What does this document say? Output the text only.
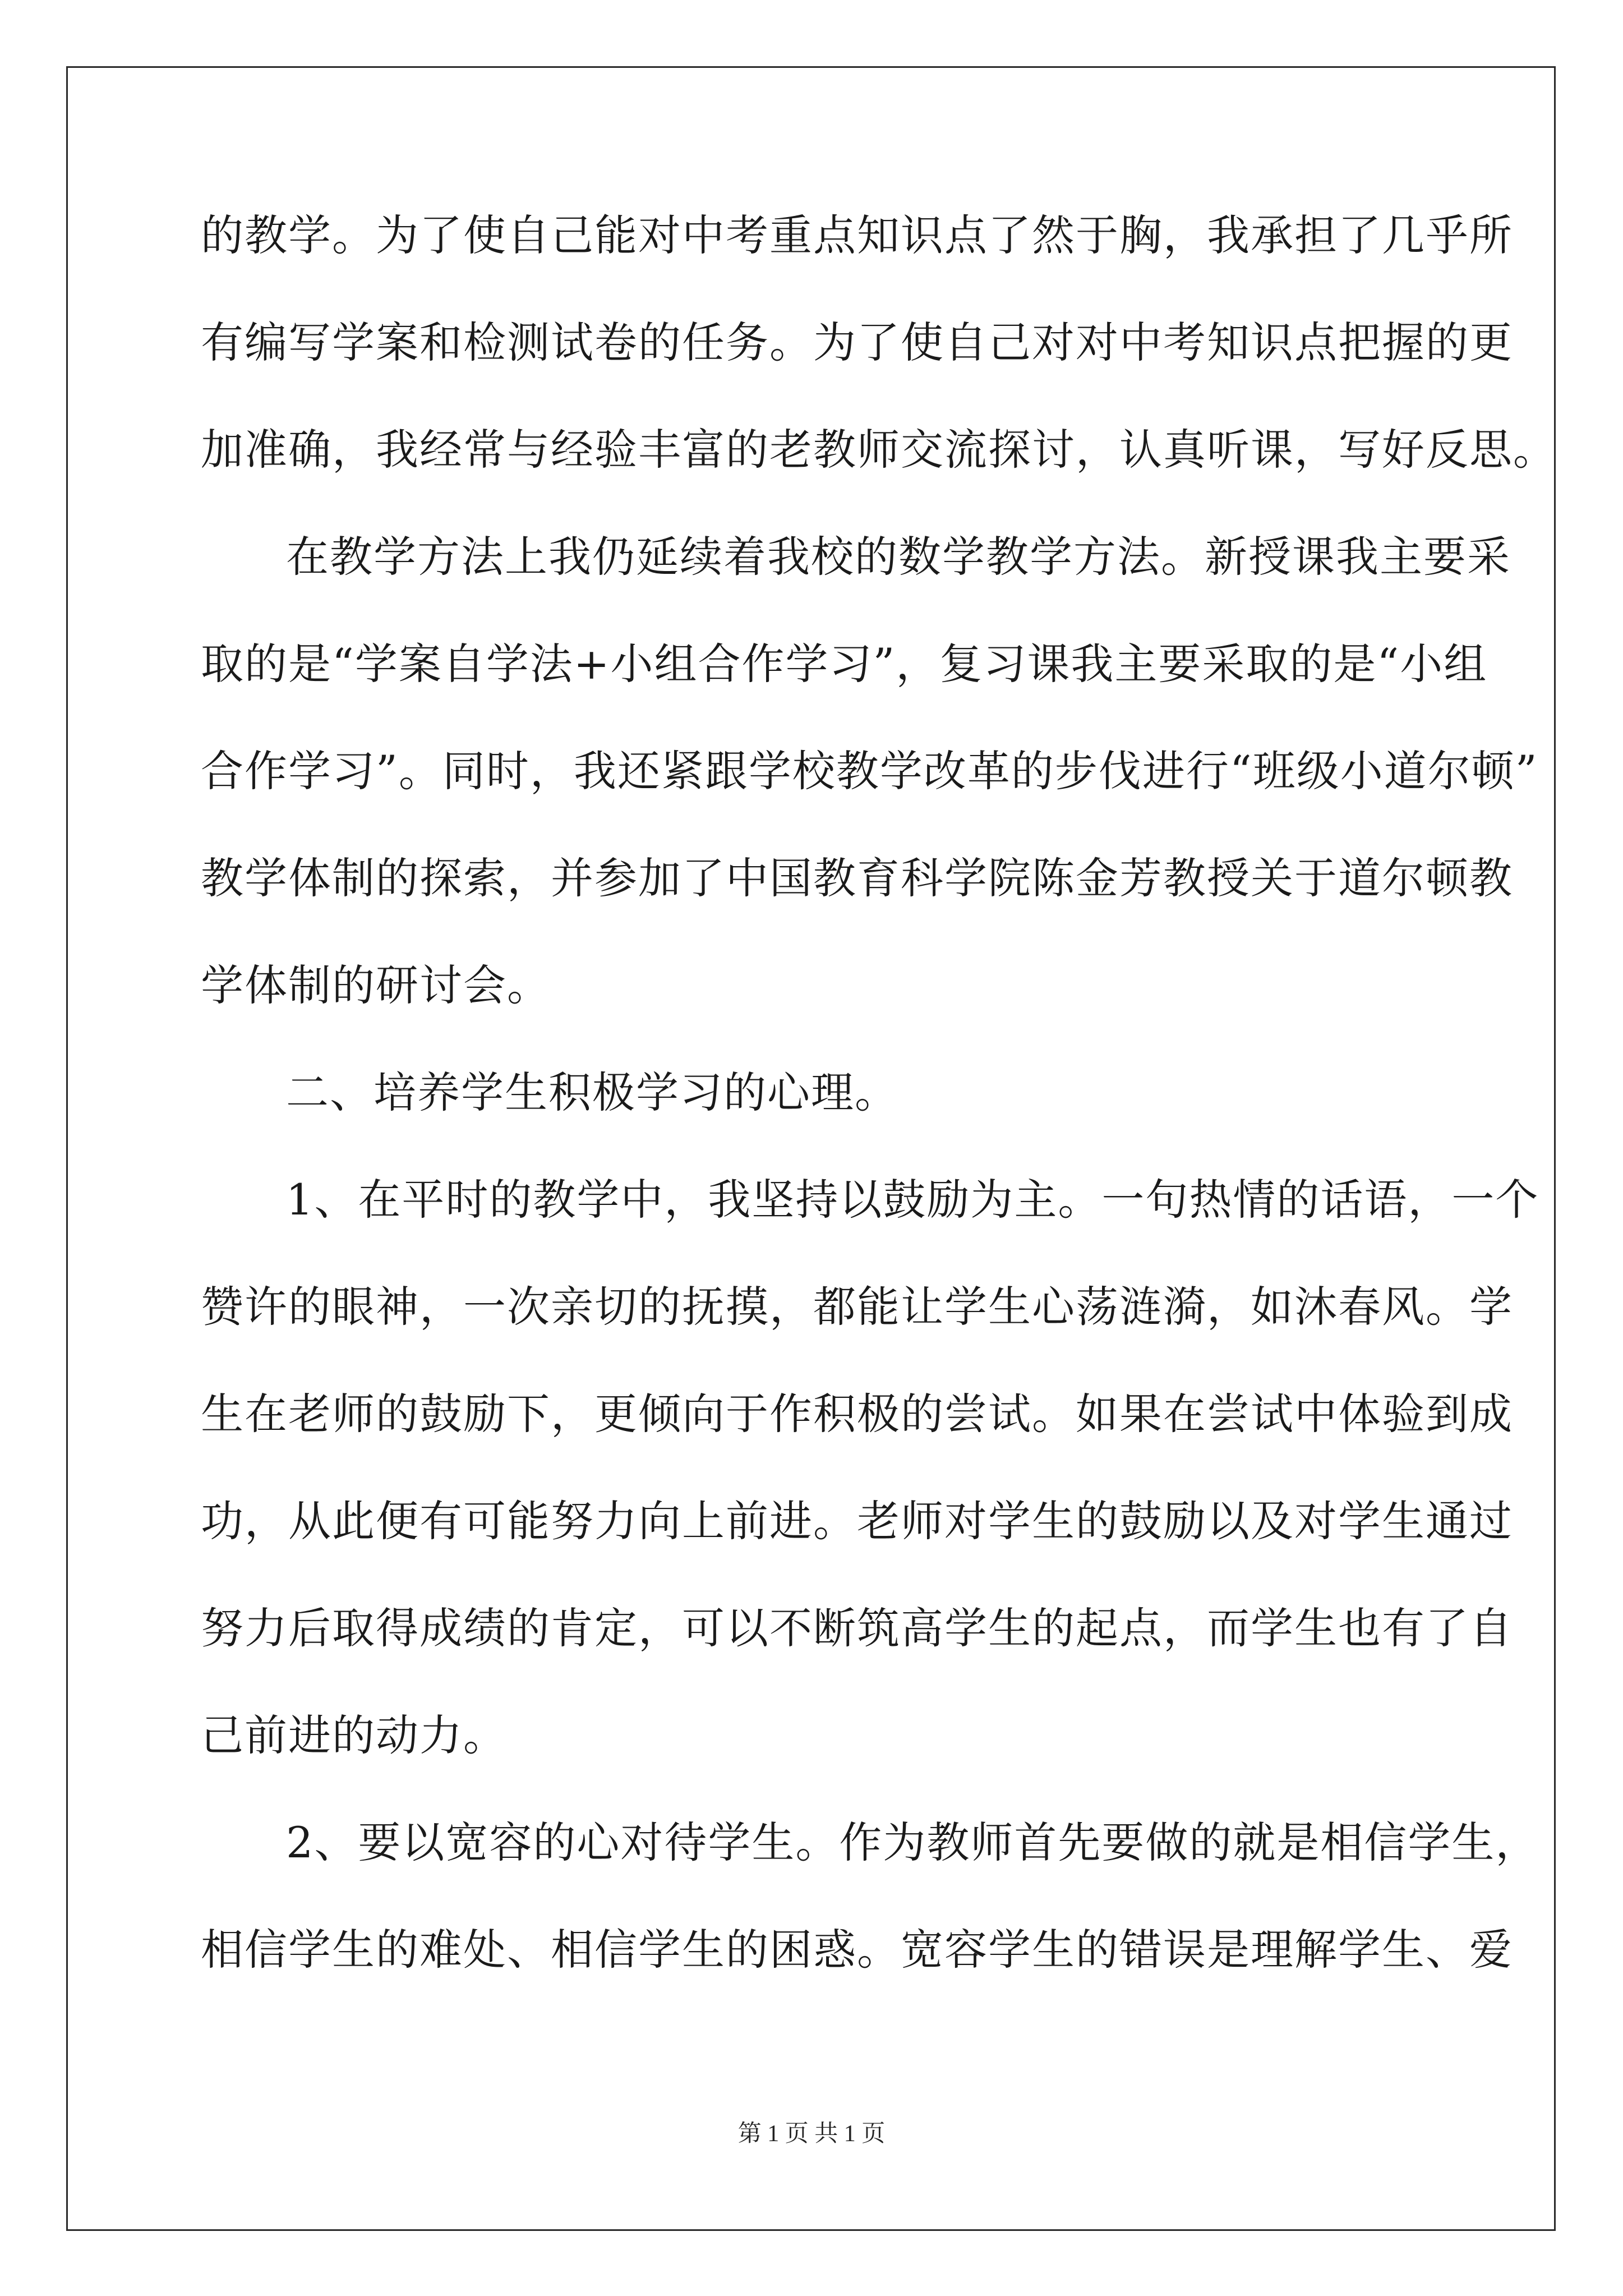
的教学。为了使自己能对中考重点知识点了然于胸，我承担了几乎所
有编写学案和检测试卷的任务。为了使自己对对中考知识点把握的更
加准确，我经常与经验丰富的老教师交流探讨，认真听课，写好反思。
在教学方法上我仍延续着我校的数学教学方法。新授课我主要采
取的是“学案自学法+小组合作学习”，复习课我主要采取的是“小组
合作学习”。同时，我还紧跟学校教学改革的步伐进行“班级小道尔顿”
教学体制的探索，并参加了中国教育科学院陈金芳教授关于道尔顿教
学体制的研讨会。
二、培养学生积极学习的心理。
1、在平时的教学中，我坚持以鼓励为主。一句热情的话语，一个
赞许的眼神，一次亲切的抚摸，都能让学生心荡涟漪，如沐春风。学
生在老师的鼓励下，更倾向于作积极的尝试。如果在尝试中体验到成
功，从此便有可能努力向上前进。老师对学生的鼓励以及对学生通过
努力后取得成绩的肯定，可以不断筑高学生的起点，而学生也有了自
己前进的动力。
2、要以宽容的心对待学生。作为教师首先要做的就是相信学生，
相信学生的难处、相信学生的困惑。宽容学生的错误是理解学生、爱
第 1 页 共 1 页
